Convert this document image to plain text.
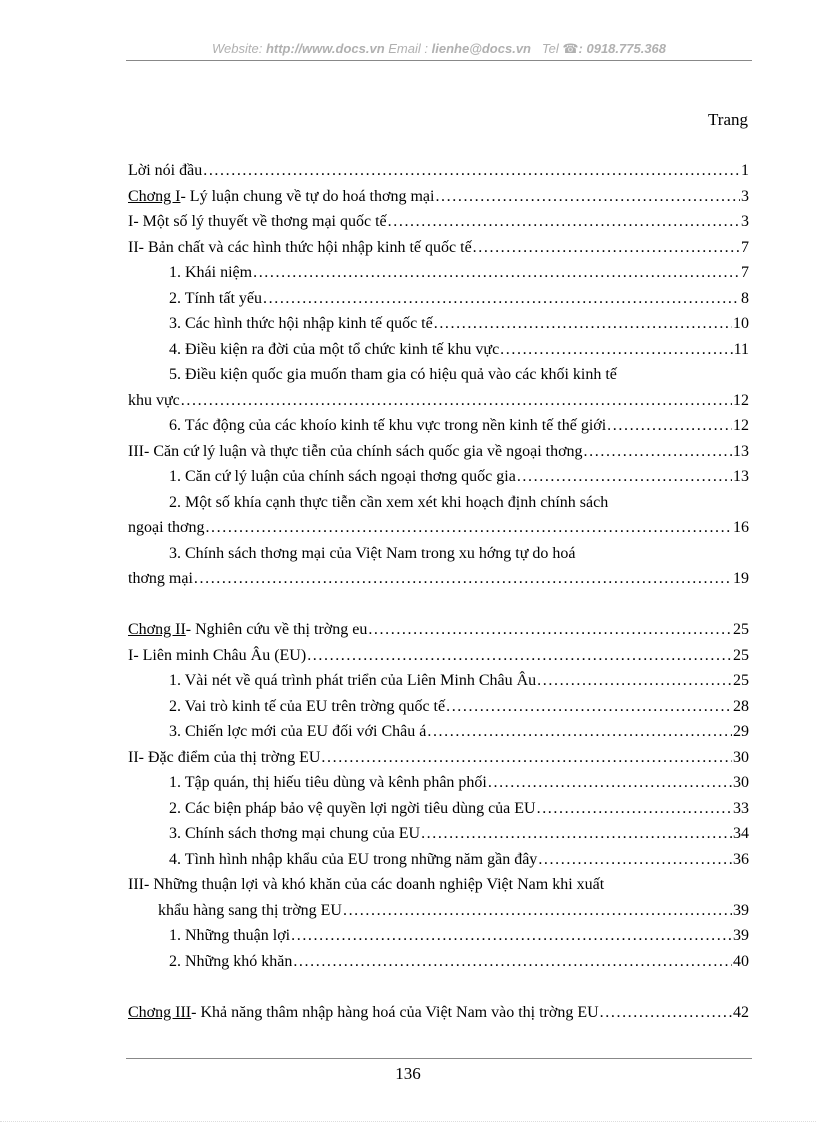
Website: http://www.docs.vn Email : lienhe@docs.vn Tel ☎: 0918.775.368
Trang
Lời nói đầu . . .	1
Chơng I- Lý luận chung về tự do hoá thơng mại . . .	3
I- Một số lý thuyết về thơng mại quốc tế . . .	3
II- Bản chất và các hình thức hội nhập kinh tế quốc tế . . .	7
1. Khái niệm . . .	7
2. Tính tất yếu . . .	8
3. Các hình thức hội nhập kinh tế quốc tế . . .	10
4. Điều kiện ra đời của một tổ chức kinh tế khu vực . . .	11
5. Điều kiện quốc gia muốn tham gia có hiệu quả vào các khối kinh tế
khu vực . . .	12
6. Tác động của các khoío kinh tế khu vực trong nền kinh tế thế giới . . .	12
III- Căn cứ lý luận và thực tiễn của chính sách quốc gia về ngoại thơng . . .	13
1. Căn cứ lý luận của chính sách ngoại thơng quốc gia . . .	13
2. Một số khía cạnh thực tiễn cần xem xét khi hoạch định chính sách
ngoại thơng . . .	16
3. Chính sách thơng mại của Việt Nam trong xu hớng tự do hoá
thơng mại . . .	19
Chơng II- Nghiên cứu về thị trờng eu . . .	25
I- Liên minh Châu Âu (EU) . . .	25
1. Vài nét về quá trình phát triển của Liên Minh Châu Âu . . .	25
2. Vai trò kinh tế của EU trên trờng quốc tế . . .	28
3. Chiến lợc mới của EU đối với Châu á . . .	29
II- Đặc điểm của thị trờng EU . . .	30
1. Tập quán, thị hiếu tiêu dùng và kênh phân phối . . .	30
2. Các biện pháp bảo vệ quyền lợi ngời tiêu dùng của EU . . .	33
3. Chính sách thơng mại chung của EU . . .	34
4. Tình hình nhập khẩu của EU trong những năm gần đây . . .	36
III- Những thuận lợi và khó khăn của các doanh nghiệp Việt Nam khi xuất
khẩu hàng sang thị trờng EU . . .	39
1. Những thuận lợi . . .	39
2. Những khó khăn . . .	40
Chơng III- Khả năng thâm nhập hàng hoá của Việt Nam vào thị trờng EU . . .	42
136
